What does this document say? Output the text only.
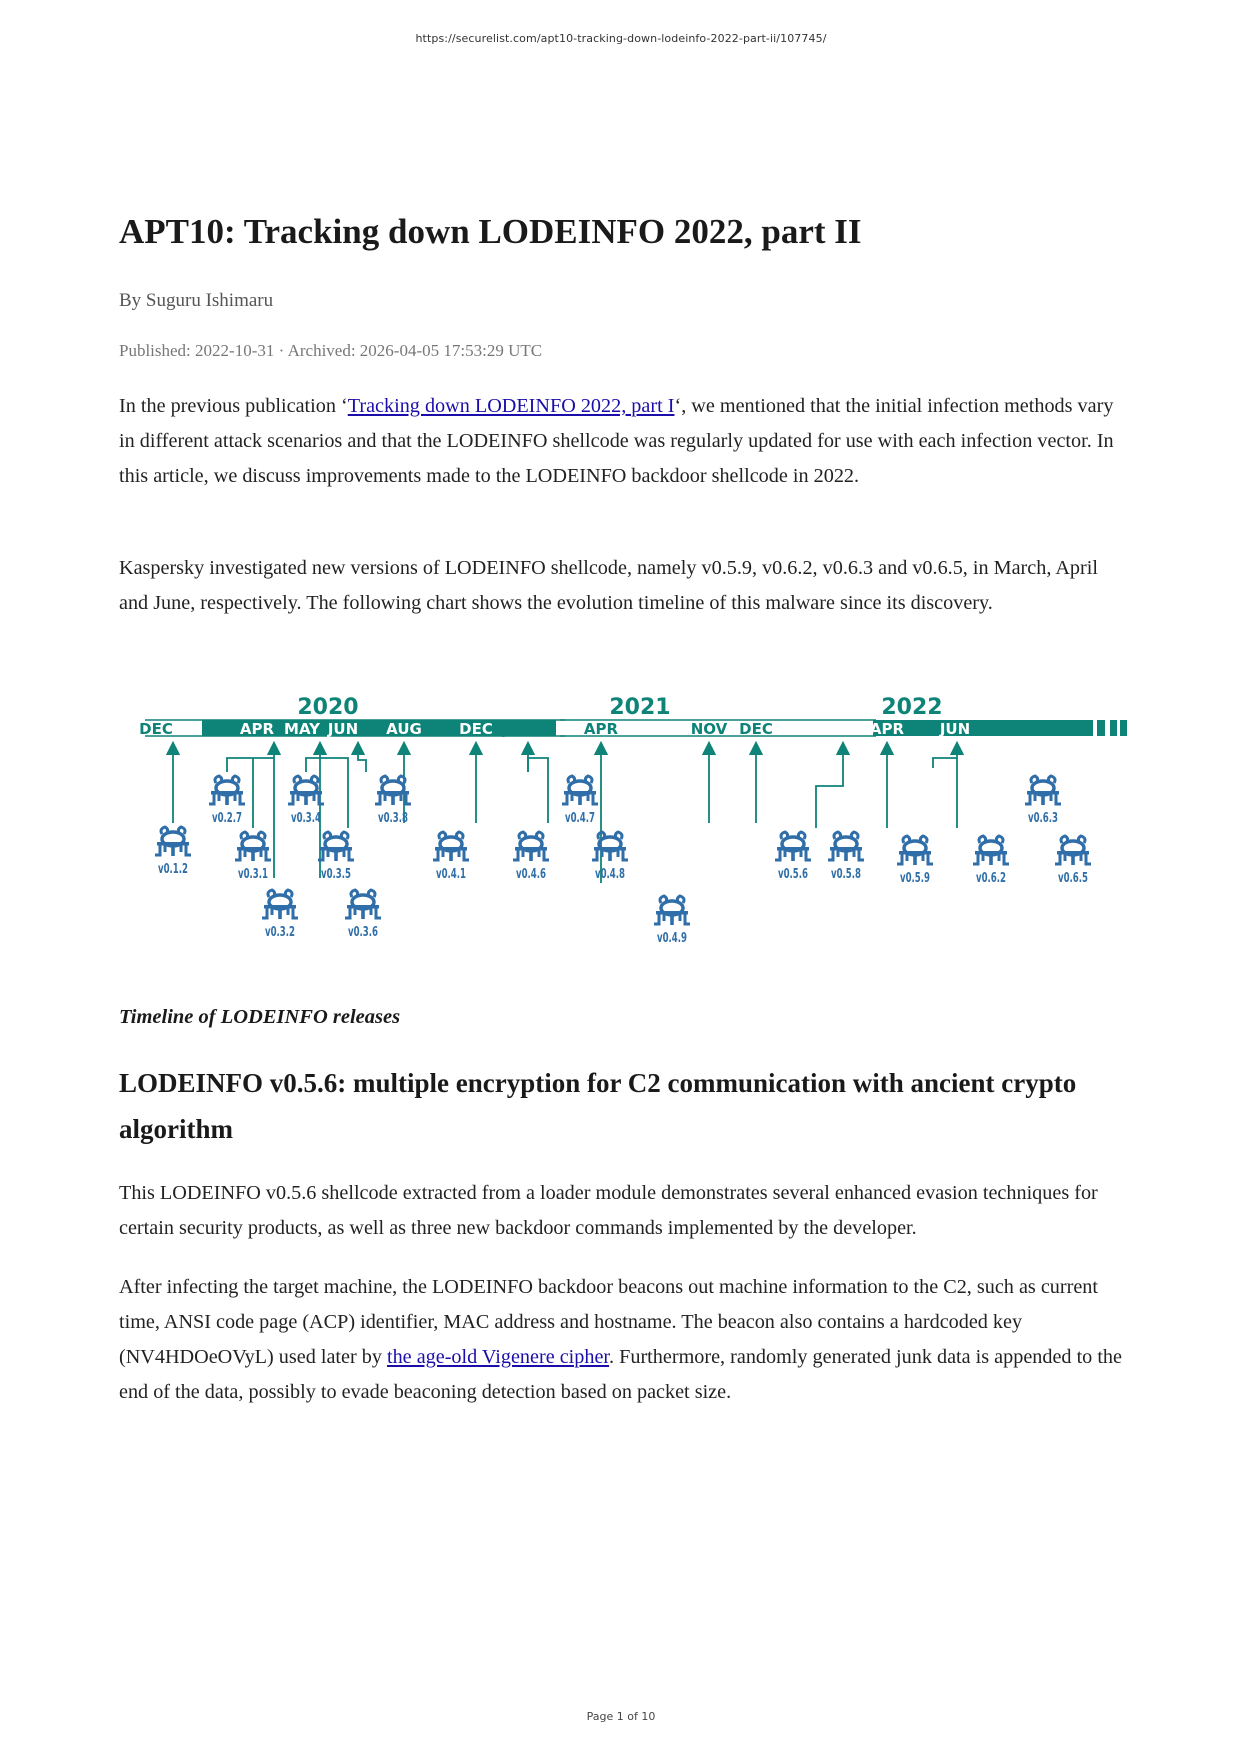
https://securelist.com/apt10-tracking-down-lodeinfo-2022-part-ii/107745/
APT10: Tracking down LODEINFO 2022, part II
By Suguru Ishimaru
Published: 2022-10-31 · Archived: 2026-04-05 17:53:29 UTC

In the previous publication ‘Tracking down LODEINFO 2022, part I‘, we mentioned that the initial infection methods vary in different attack scenarios and that the LODEINFO shellcode was regularly updated for use with each infection vector. In this article, we discuss improvements made to the LODEINFO backdoor shellcode in 2022.

Kaspersky investigated new versions of LODEINFO shellcode, namely v0.5.9, v0.6.2, v0.6.3 and v0.6.5, in March, April and June, respectively. The following chart shows the evolution timeline of this malware since its discovery.

2020	2021	2022
DEC	APR MAY JUN AUG DEC JAN	APR	NOV DEC	MAR APR JUN
v0.1.2
v0.2.7
v0.3.1
v0.3.2
v0.3.4
v0.3.5
v0.3.6
v0.3.8
v0.4.1	v0.4.6
v0.4.7
v0.4.8
v0.4.9
v0.5.6 v0.5.8	v0.5.9	v0.6.2
v0.6.3
v0.6.5
Timeline of LODEINFO releases
LODEINFO v0.5.6: multiple encryption for C2 communication with ancient crypto algorithm

This LODEINFO v0.5.6 shellcode extracted from a loader module demonstrates several enhanced evasion techniques for certain security products, as well as three new backdoor commands implemented by the developer.

After infecting the target machine, the LODEINFO backdoor beacons out machine information to the C2, such as current time, ANSI code page (ACP) identifier, MAC address and hostname. The beacon also contains a hardcoded key (NV4HDOeOVyL) used later by the age-old Vigenere cipher. Furthermore, randomly generated junk data is appended to the end of the data, possibly to evade beaconing detection based on packet size.

Page 1 of 10
